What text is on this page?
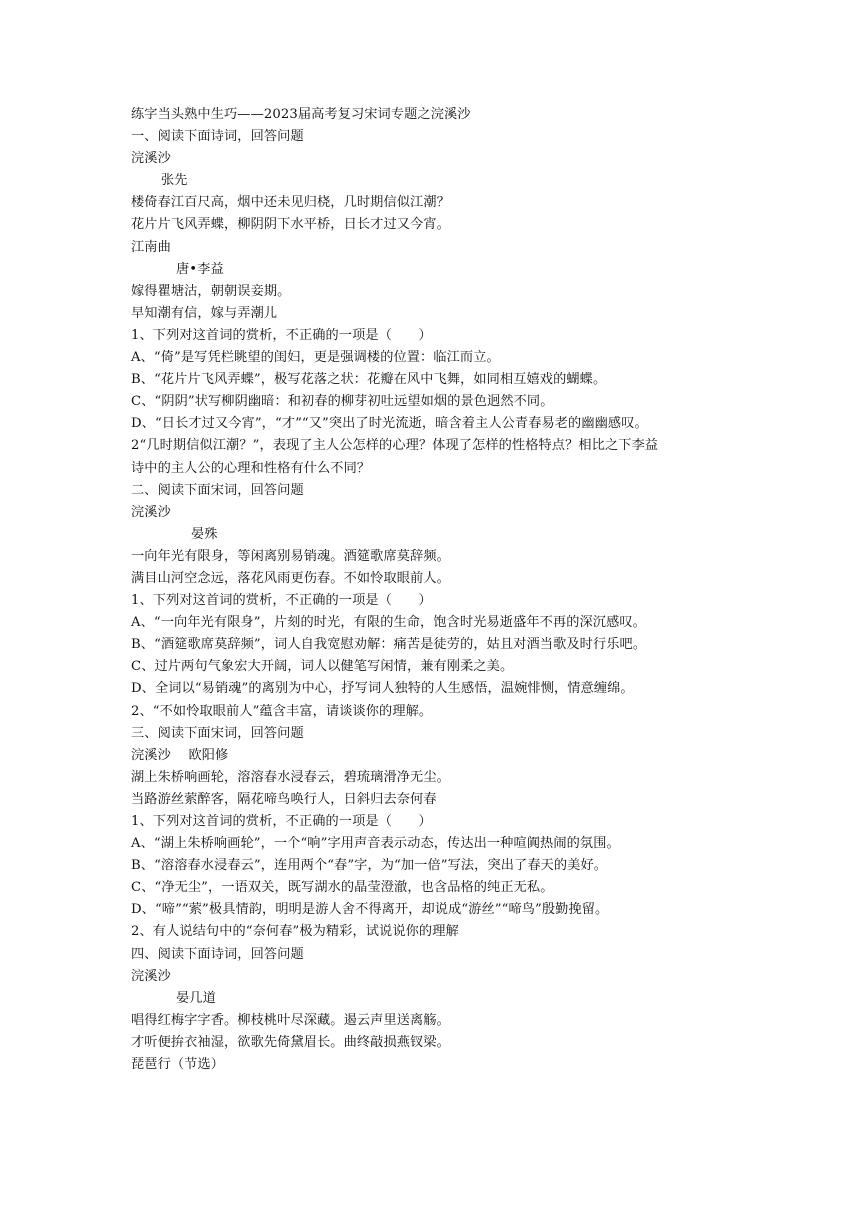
练字当头熟中生巧——2023届高考复习宋词专题之浣溪沙
一、阅读下面诗词，回答问题
浣溪沙
张先
楼倚春江百尺高，烟中还未见归桡，几时期信似江潮？
花片片飞风弄蝶，柳阴阴下水平桥，日长才过又今宵。
江南曲
唐•李益
嫁得瞿塘沽，朝朝误妾期。
早知潮有信，嫁与弄潮儿
1、下列对这首词的赏析，不正确的一项是（　　）
A、“倚”是写凭栏眺望的闺妇，更是强调楼的位置：临江而立。
B、“花片片飞风弄蝶”，极写花落之状：花瓣在风中飞舞，如同相互嬉戏的蝴蝶。
C、“阴阴”状写柳阴幽暗：和初春的柳芽初吐远望如烟的景色迥然不同。
D、“日长才过又今宵”，“才”“又”突出了时光流逝，暗含着主人公青春易老的幽幽感叹。
2“几时期信似江潮？”，表现了主人公怎样的心理？体现了怎样的性格特点？相比之下李益
诗中的主人公的心理和性格有什么不同？
二、阅读下面宋词，回答问题
浣溪沙
晏殊
一向年光有限身，等闲离别易销魂。酒筵歌席莫辞频。
满目山河空念远，落花风雨更伤春。不如怜取眼前人。
1、下列对这首词的赏析，不正确的一项是（　　）
A、“一向年光有限身”，片刻的时光，有限的生命，饱含时光易逝盛年不再的深沉感叹。
B、“酒筵歌席莫辞频”，词人自我宽慰劝解：痛苦是徒劳的，姑且对酒当歌及时行乐吧。
C、过片两句气象宏大开阔，词人以健笔写闲情，兼有刚柔之美。
D、全词以“易销魂”的离别为中心，抒写词人独特的人生感悟，温婉悱恻，情意缠绵。
2、“不如怜取眼前人”蕴含丰富，请谈谈你的理解。
三、阅读下面宋词，回答问题
浣溪沙　 欧阳修
湖上朱桥响画轮，溶溶春水浸春云，碧琉璃滑净无尘。
当路游丝萦醉客，隔花啼鸟唤行人，日斜归去奈何春
1、下列对这首词的赏析，不正确的一项是（　　）
A、“湖上朱桥响画轮”，一个“响”字用声音表示动态，传达出一种喧阗热闹的氛围。
B、“溶溶春水浸春云”，连用两个“春”字，为“加一倍”写法，突出了春天的美好。
C、“净无尘”，一语双关，既写湖水的晶莹澄澈，也含品格的纯正无私。
D、“啼”“萦”极具情韵，明明是游人舍不得离开，却说成“游丝”“啼鸟”殷勤挽留。
2、有人说结句中的“奈何春”极为精彩，试说说你的理解
四、阅读下面诗词，回答问题
浣溪沙
晏几道
唱得红梅字字香。柳枝桃叶尽深藏。遏云声里送离觞。
才听便拚衣袖湿，欲歌先倚黛眉长。曲终敲损燕钗梁。
琵琶行（节选）
